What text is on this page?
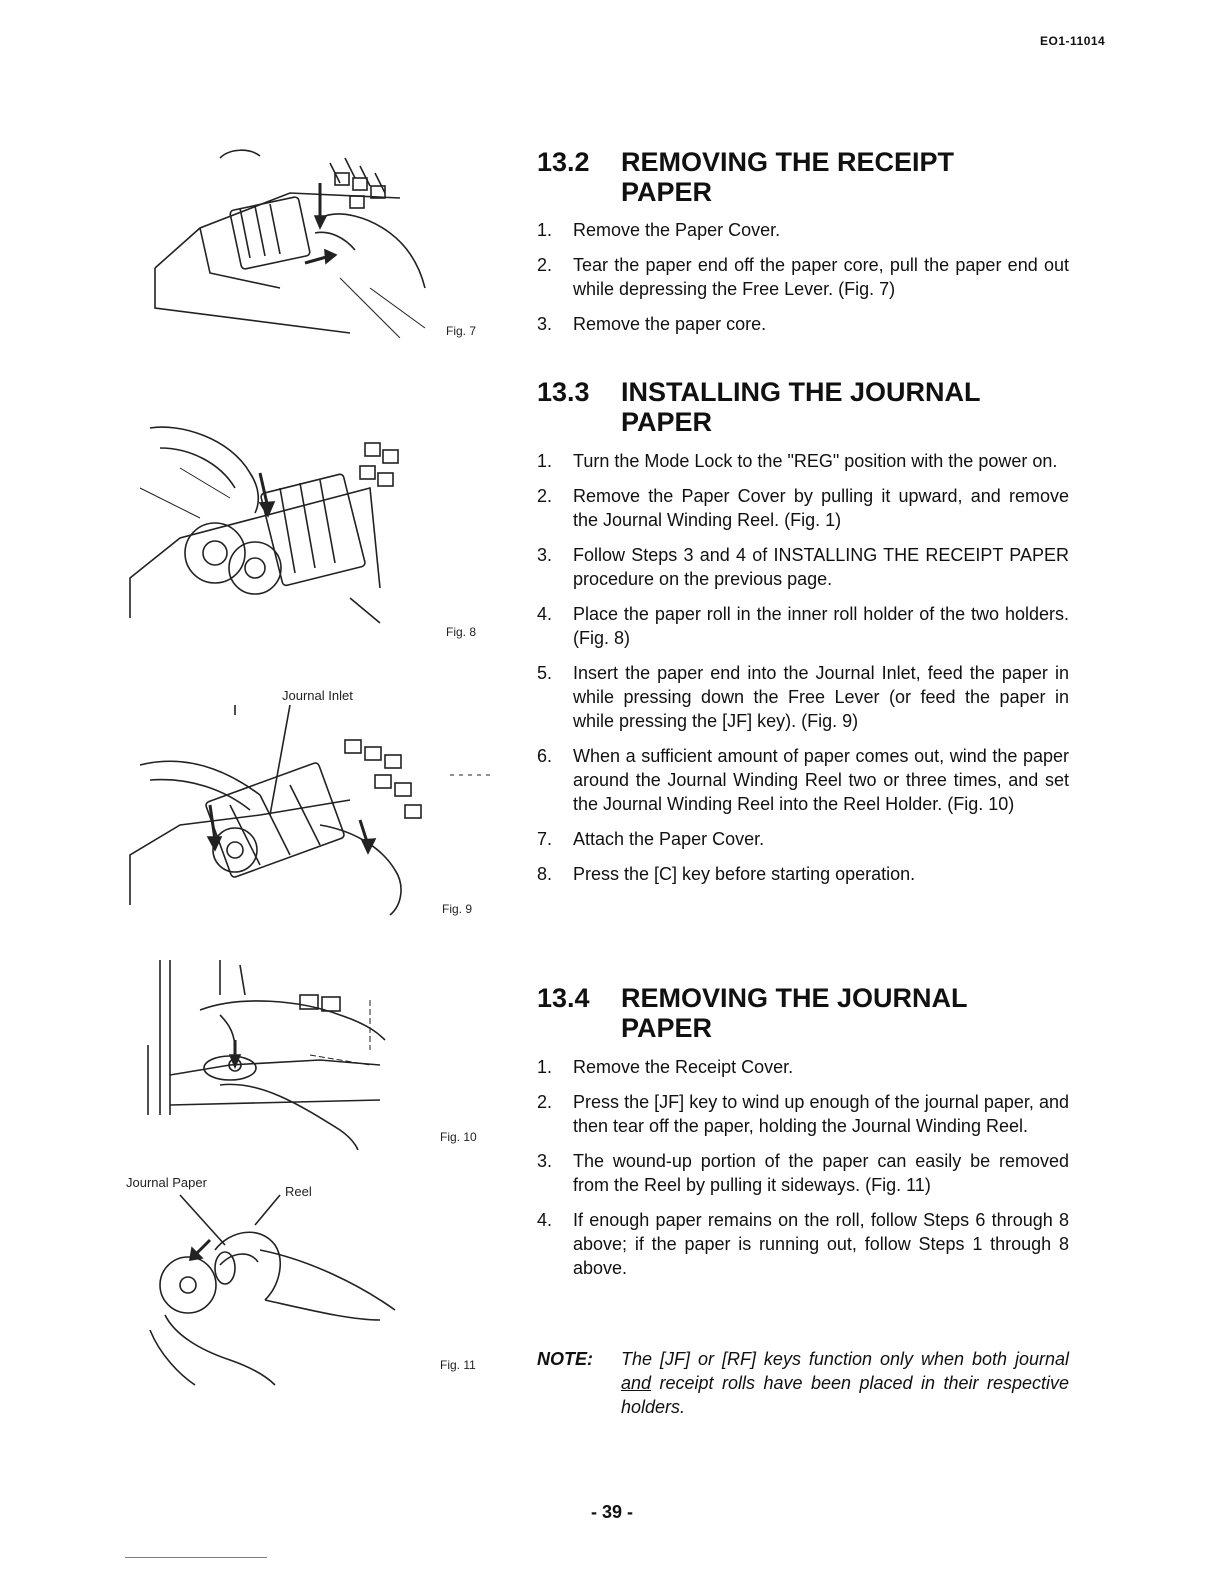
EO1-11014
Fig. 7
Fig. 8
Journal Inlet
Fig. 9
Fig. 10
Journal Paper
Reel
Fig. 11
13.2 REMOVING THE RECEIPT
PAPER
1. Remove the Paper Cover.
2. Tear the paper end off the paper core, pull the paper end out while depressing the Free Lever. (Fig. 7)
3. Remove the paper core.
13.3 INSTALLING THE JOURNAL
PAPER
1. Turn the Mode Lock to the "REG" position with the power on.
2. Remove the Paper Cover by pulling it upward, and remove the Journal Winding Reel. (Fig. 1)
3. Follow Steps 3 and 4 of INSTALLING THE RECEIPT PAPER procedure on the previous page.
4. Place the paper roll in the inner roll holder of the two holders. (Fig. 8)
5. Insert the paper end into the Journal Inlet, feed the paper in while pressing down the Free Lever (or feed the paper in while pressing the [JF] key). (Fig. 9)
6. When a sufficient amount of paper comes out, wind the paper around the Journal Winding Reel two or three times, and set the Journal Winding Reel into the Reel Holder. (Fig. 10)
7. Attach the Paper Cover.
8. Press the [C] key before starting operation.
13.4 REMOVING THE JOURNAL
PAPER
1. Remove the Receipt Cover.
2. Press the [JF] key to wind up enough of the journal paper, and then tear off the paper, holding the Journal Winding Reel.
3. The wound-up portion of the paper can easily be removed from the Reel by pulling it sideways. (Fig. 11)
4. If enough paper remains on the roll, follow Steps 6 through 8 above; if the paper is running out, follow Steps 1 through 8 above.
NOTE:	The [JF] or [RF] keys function only when both journal and receipt rolls have been placed in their respective holders.
- 39 -
